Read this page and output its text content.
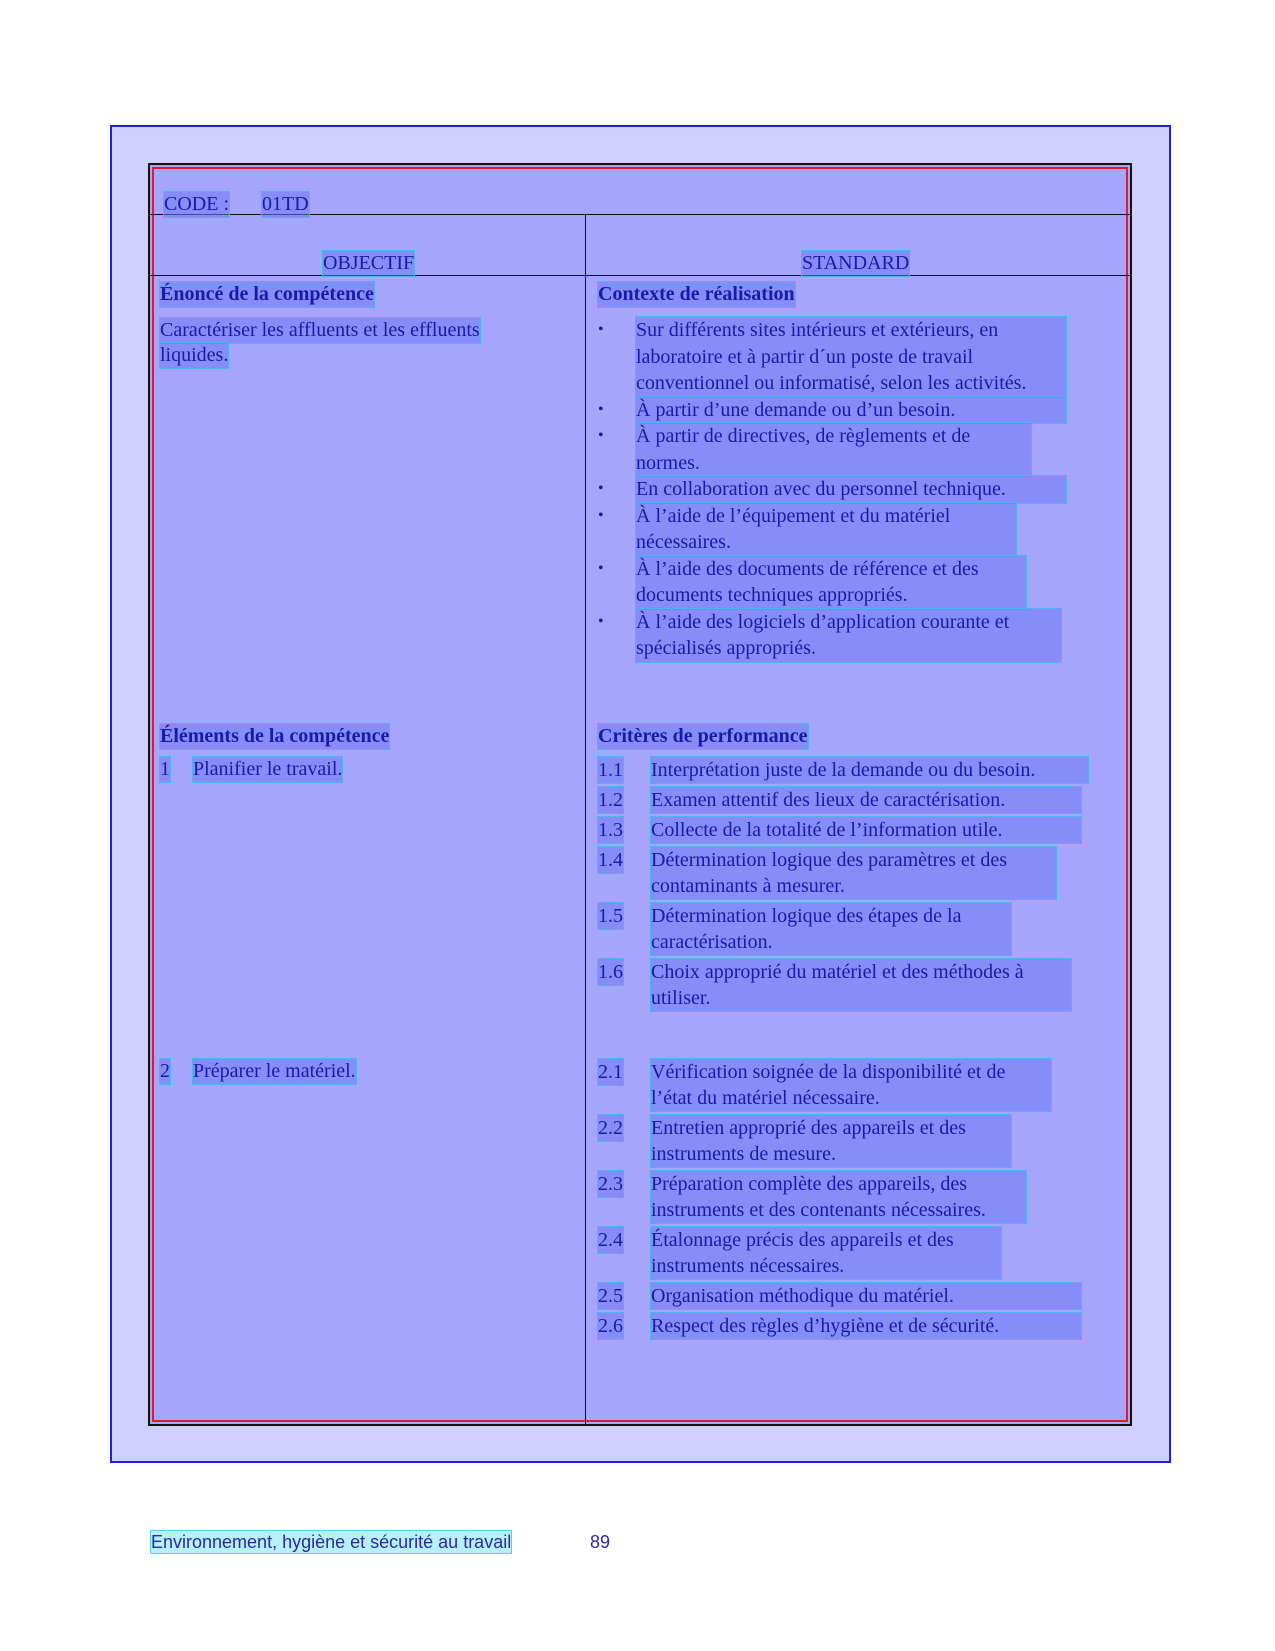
CODE : 01TD
OBJECTIF	STANDARD
Énoncé de la compétence
Caractériser les affluents et les effluents
liquides.
Contexte de réalisation
• Sur différents sites intérieurs et extérieurs, en laboratoire et à partir d´un poste de travail conventionnel ou informatisé, selon les activités.
• À partir d’une demande ou d’un besoin.
• À partir de directives, de règlements et de normes.
• En collaboration avec du personnel technique.
• À l’aide de l’équipement et du matériel nécessaires.
• À l’aide des documents de référence et des documents techniques appropriés.
• À l’aide des logiciels d’application courante et spécialisés appropriés.
Éléments de la compétence
1 Planifier le travail.
2 Préparer le matériel.
Critères de performance
1.1 Interprétation juste de la demande ou du besoin.
1.2 Examen attentif des lieux de caractérisation.
1.3 Collecte de la totalité de l’information utile.
1.4 Détermination logique des paramètres et des contaminants à mesurer.
1.5 Détermination logique des étapes de la caractérisation.
1.6 Choix approprié du matériel et des méthodes à utiliser.
2.1 Vérification soignée de la disponibilité et de l’état du matériel nécessaire.
2.2 Entretien approprié des appareils et des instruments de mesure.
2.3 Préparation complète des appareils, des instruments et des contenants nécessaires.
2.4 Étalonnage précis des appareils et des instruments nécessaires.
2.5 Organisation méthodique du matériel.
2.6 Respect des règles d’hygiène et de sécurité.
Environnement, hygiène et sécurité au travail	89
